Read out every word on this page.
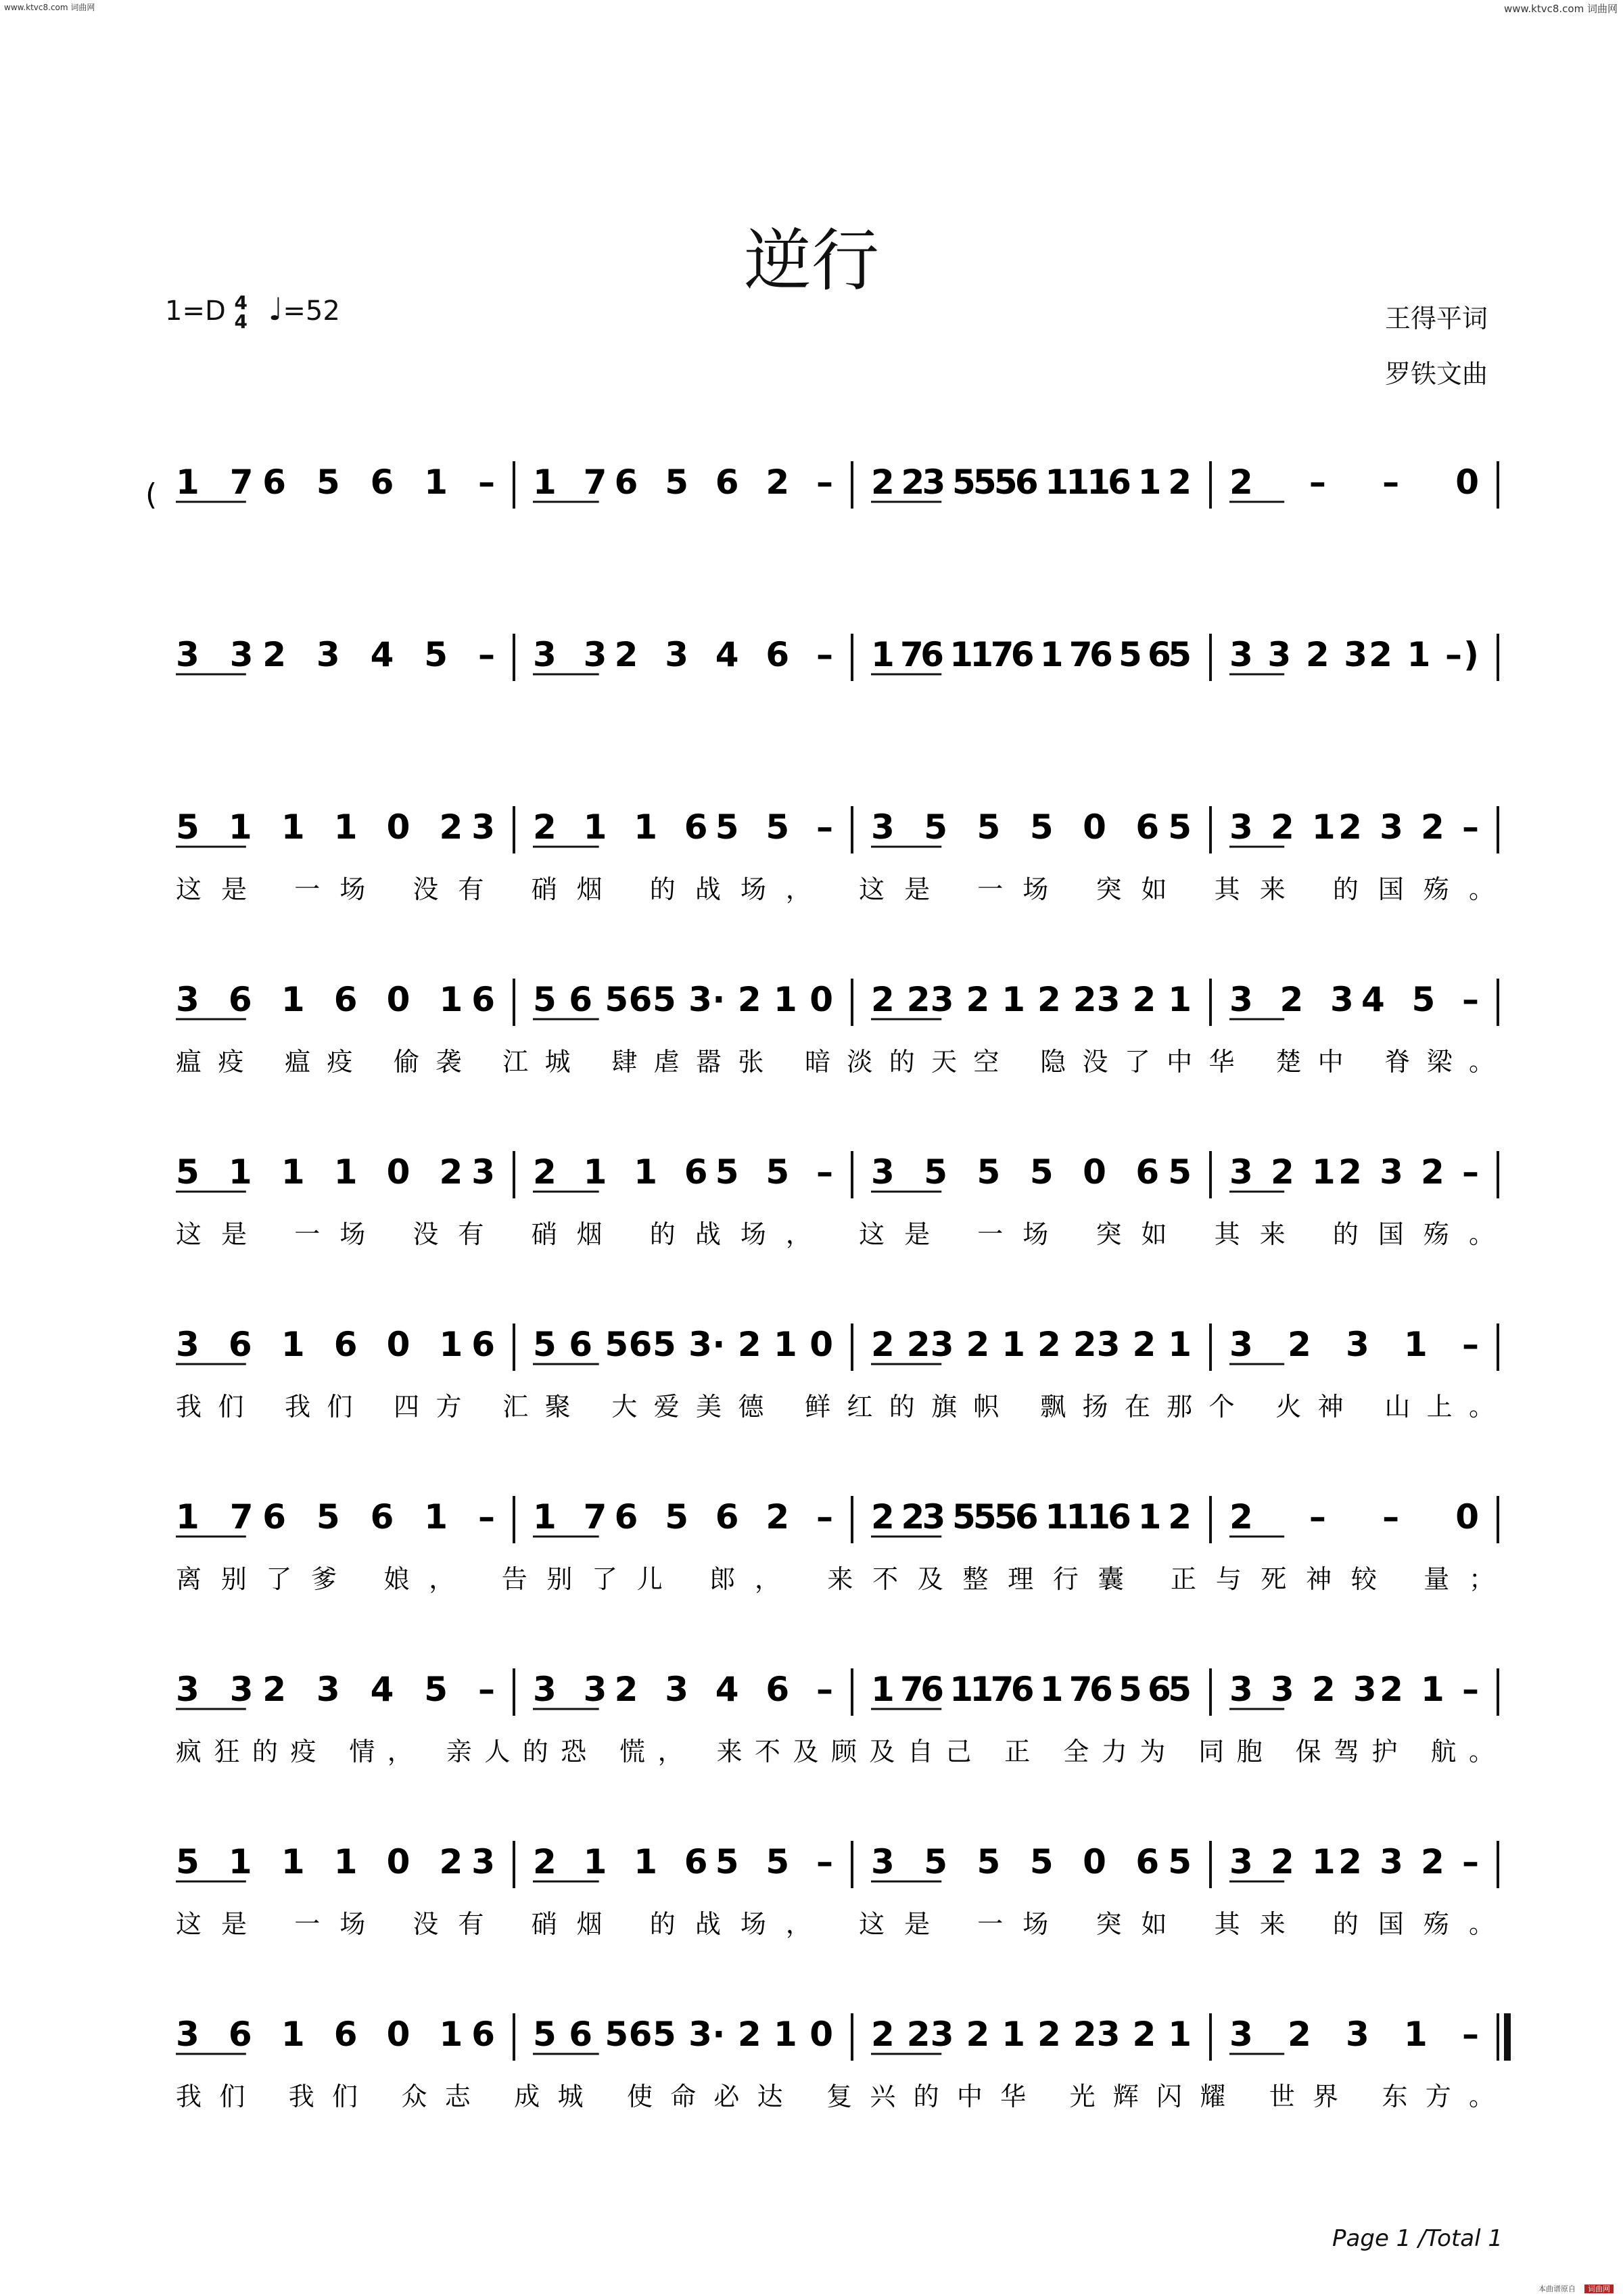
www.ktvc8.com 词曲网	www.ktvc8.com 词曲网
逆行
1=D 4
4 ♩=52	王得平词
罗铁文曲
( 1 76 5 6 1 – 1 76 5 6 2 – 2 23 5556 1116 1 2 2 – – 0
3 32 3 4 5 – 3 32 3 4 6 – 1 76 1176 1 76 5 65 3 3 2 32 1 –)
5 1 1 1 0 23 2 1 1 65 5 – 3 5 5 5 0 65 3 2 12 3 2 –
这是 一场 没有 硝烟 的战场， 这是 一场 突如 其来 的国殇。
3 6 1 6 0 16 5 6 565 3· 2 1 0 2 23 2 1 2 23 2 1 3 2 34 5 –
瘟疫 瘟疫 偷袭 江城 肆虐嚣张 暗淡的天空 隐没了中华 楚中 脊梁。
5 1 1 1 0 23 2 1 1 65 5 – 3 5 5 5 0 65 3 2 12 3 2 –
这是 一场 没有 硝烟 的战场， 这是 一场 突如 其来 的国殇。
3 6 1 6 0 16 5 6 565 3· 2 1 0 2 23 2 1 2 23 2 1 3 2 3 1 –
我们 我们 四方 汇聚 大爱美德 鲜红的旗帜 飘扬在那个 火神 山上。
1 76 5 6 1 – 1 76 5 6 2 – 2 23 5556 1116 1 2 2 – – 0
离别了爹 娘， 告别了儿 郎， 来不及整理行囊 正与死神较 量；
3 32 3 4 5 – 3 32 3 4 6 – 1 76 1176 1 76 5 65 3 3 2 32 1 –
疯狂的疫 情， 亲人的恐 慌， 来不及顾及自己 正 全力为 同胞 保驾护 航。
5 1 1 1 0 23 2 1 1 65 5 – 3 5 5 5 0 65 3 2 12 3 2 –
这是 一场 没有 硝烟 的战场， 这是 一场 突如 其来 的国殇。
3 6 1 6 0 16 5 6 565 3· 2 1 0 2 23 2 1 2 23 2 1 3 2 3 1 –
我们 我们 众志 成城 使命必达 复兴的中华 光辉闪耀 世界 东方。
Page 1 /Total 1
本曲谱原自 词曲网
